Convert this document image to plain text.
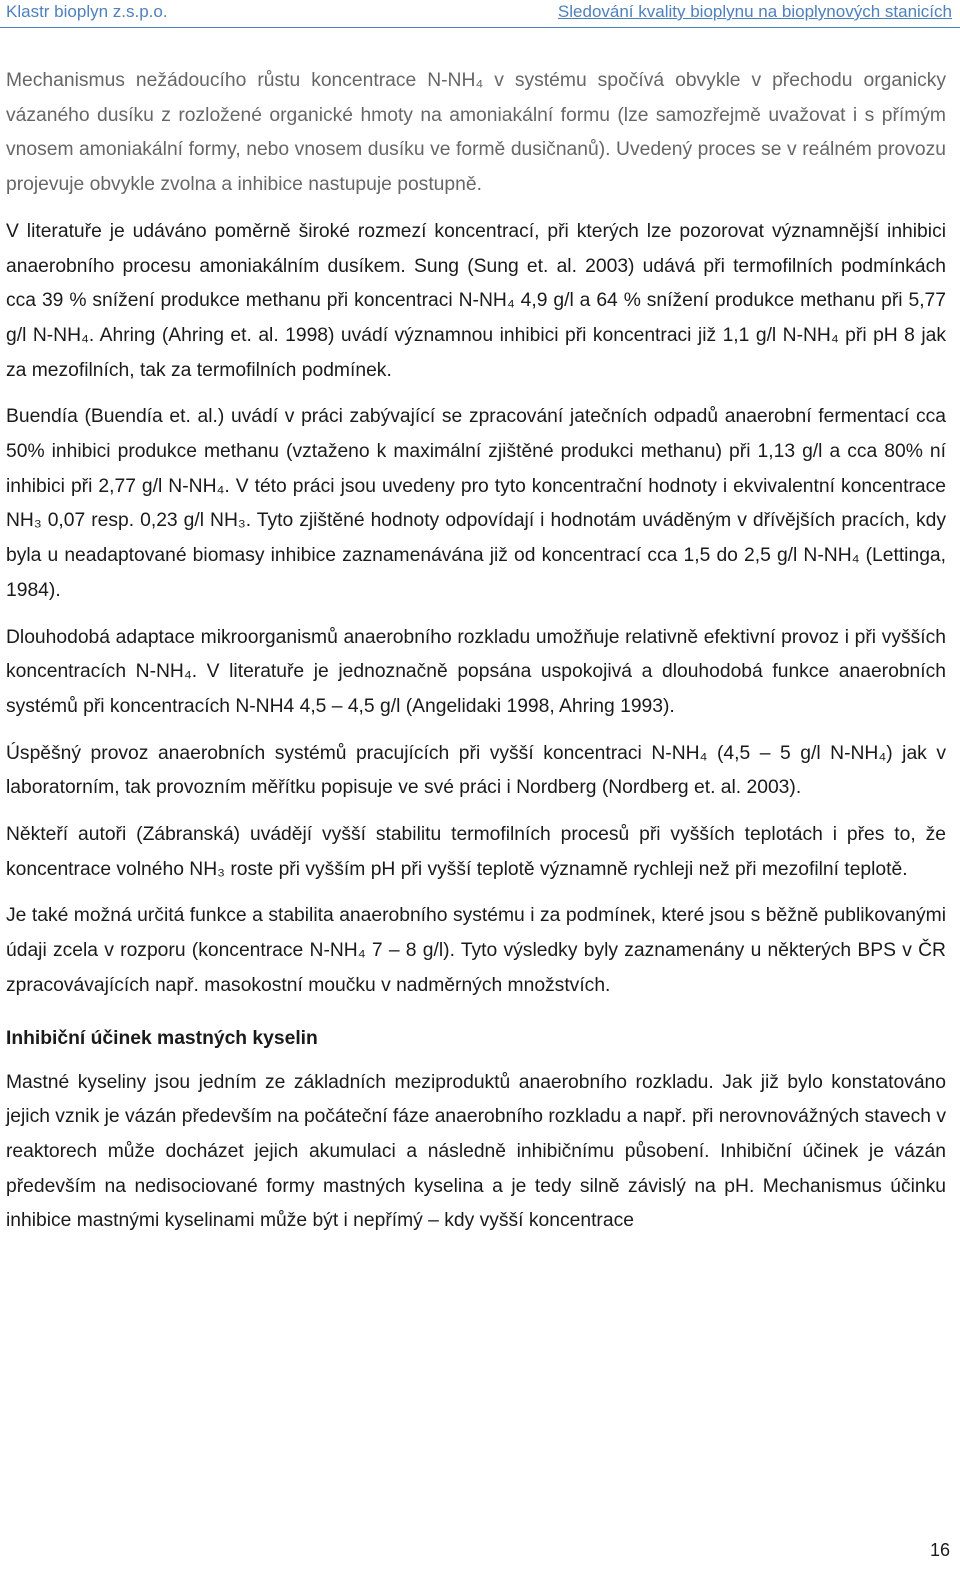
Klastr bioplyn z.s.p.o.	Sledování kvality bioplynu na bioplynových stanicích

Mechanismus nežádoucího růstu koncentrace N-NH₄ v systému spočívá obvykle v přechodu organicky vázaného dusíku z rozložené organické hmoty na amoniakální formu (lze samozřejmě uvažovat i s přímým vnosem amoniakální formy, nebo vnosem dusíku ve formě dusičnanů). Uvedený proces se v reálném provozu projevuje obvykle zvolna a inhibice nastupuje postupně.

V literatuře je udáváno poměrně široké rozmezí koncentrací, při kterých lze pozorovat významnější inhibici anaerobního procesu amoniakálním dusíkem. Sung (Sung et. al. 2003) udává při termofilních podmínkách cca 39 % snížení produkce methanu při koncentraci N-NH₄ 4,9 g/l a 64 % snížení produkce methanu při 5,77 g/l N-NH₄. Ahring (Ahring et. al. 1998) uvádí významnou inhibici při koncentraci již 1,1 g/l N-NH₄ při pH 8 jak za mezofilních, tak za termofilních podmínek.

Buendía (Buendía et. al.) uvádí v práci zabývající se zpracování jatečních odpadů anaerobní fermentací cca 50% inhibici produkce methanu (vztaženo k maximální zjištěné produkci methanu) při 1,13 g/l a cca 80% ní inhibici při 2,77 g/l N-NH₄. V této práci jsou uvedeny pro tyto koncentrační hodnoty i ekvivalentní koncentrace NH₃ 0,07 resp. 0,23 g/l NH₃. Tyto zjištěné hodnoty odpovídají i hodnotám uváděným v dřívějších pracích, kdy byla u neadaptované biomasy inhibice zaznamenávána již od koncentrací cca 1,5 do 2,5 g/l N-NH₄ (Lettinga, 1984).

Dlouhodobá adaptace mikroorganismů anaerobního rozkladu umožňuje relativně efektivní provoz i při vyšších koncentracích N-NH₄. V literatuře je jednoznačně popsána uspokojivá a dlouhodobá funkce anaerobních systémů při koncentracích N-NH4 4,5 – 4,5 g/l (Angelidaki 1998, Ahring 1993).

Úspěšný provoz anaerobních systémů pracujících při vyšší koncentraci N-NH₄ (4,5 – 5 g/l N-NH₄) jak v laboratorním, tak provozním měřítku popisuje ve své práci i Nordberg (Nordberg et. al. 2003).

Někteří autoři (Zábranská) uvádějí vyšší stabilitu termofilních procesů při vyšších teplotách i přes to, že koncentrace volného NH₃ roste při vyšším pH při vyšší teplotě významně rychleji než při mezofilní teplotě.

Je také možná určitá funkce a stabilita anaerobního systému i za podmínek, které jsou s běžně publikovanými údaji zcela v rozporu (koncentrace N-NH₄ 7 – 8 g/l). Tyto výsledky byly zaznamenány u některých BPS v ČR zpracovávajících např. masokostní moučku v nadměrných množstvích.

Inhibiční účinek mastných kyselin

Mastné kyseliny jsou jedním ze základních meziproduktů anaerobního rozkladu. Jak již bylo konstatováno jejich vznik je vázán především na počáteční fáze anaerobního rozkladu a např. při nerovnovážných stavech v reaktorech může docházet jejich akumulaci a následně inhibičnímu působení. Inhibiční účinek je vázán především na nedisociované formy mastných kyselina a je tedy silně závislý na pH. Mechanismus účinku inhibice mastnými kyselinami může být i nepřímý – kdy vyšší koncentrace

16
